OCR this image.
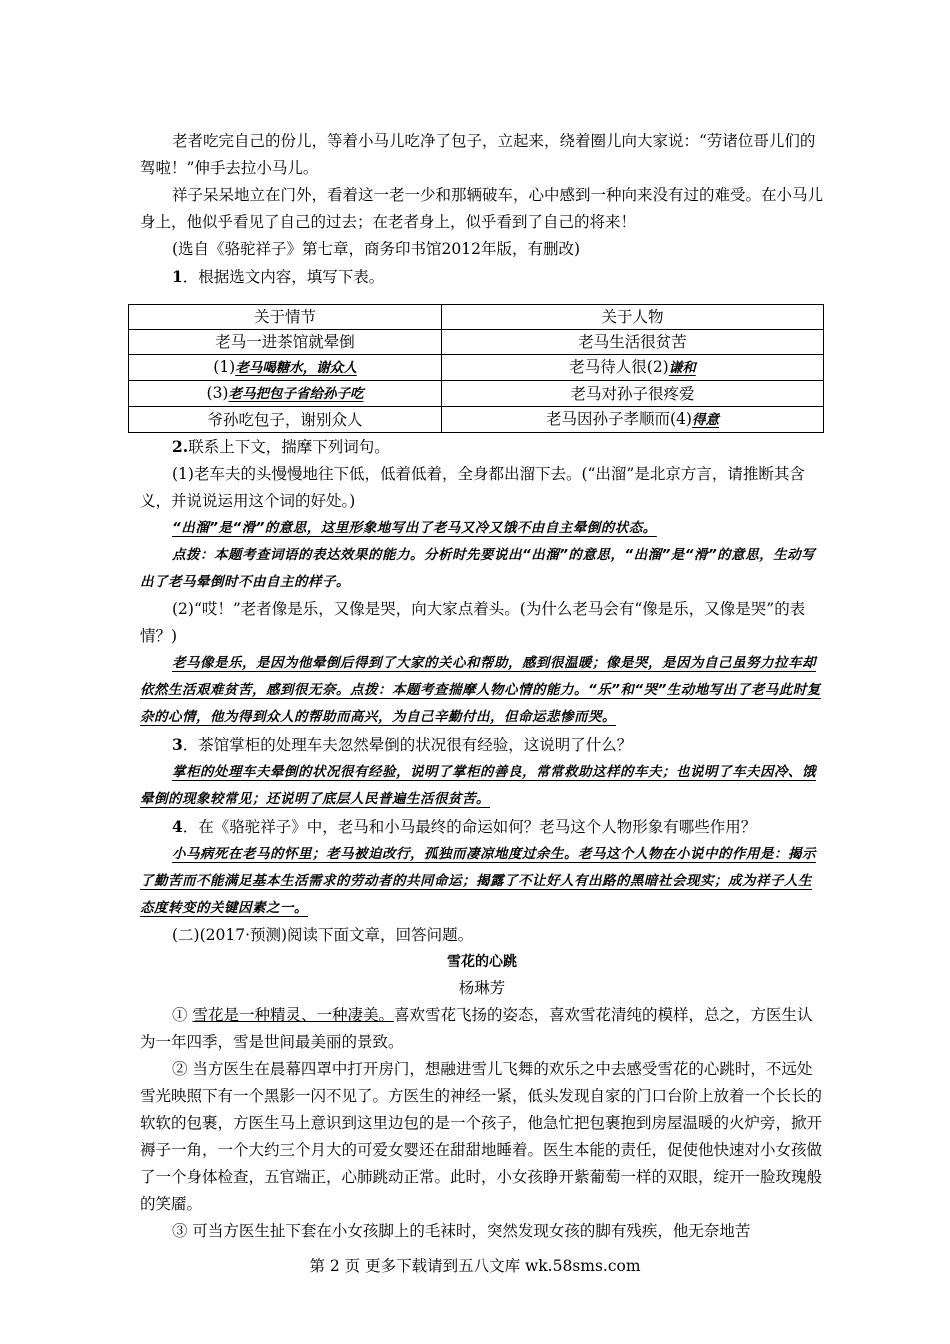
老者吃完自己的份儿，等着小马儿吃净了包子，立起来，绕着圈儿向大家说：“劳诸位哥儿们的驾啦！”伸手去拉小马儿。

祥子呆呆地立在门外，看着这一老一少和那辆破车，心中感到一种向来没有过的难受。在小马儿身上，他似乎看见了自己的过去；在老者身上，似乎看到了自己的将来！

(选自《骆驼祥子》第七章，商务印书馆2012年版，有删改)

1．根据选文内容，填写下表。

关于情节	关于人物
老马一进茶馆就晕倒	老马生活很贫苦
(1)老马喝糖水，谢众人	老马待人很(2)谦和
(3)老马把包子省给孙子吃	老马对孙子很疼爱
爷孙吃包子，谢别众人	老马因孙子孝顺而(4)得意

2.联系上下文，揣摩下列词句。

(1)老车夫的头慢慢地往下低，低着低着，全身都出溜下去。(“出溜”是北京方言，请推断其含义，并说说运用这个词的好处。)

“出溜”是“滑”的意思，这里形象地写出了老马又冷又饿不由自主晕倒的状态。

点拨：本题考查词语的表达效果的能力。分析时先要说出“出溜”的意思，“出溜”是“滑”的意思，生动写出了老马晕倒时不由自主的样子。

(2)“哎！”老者像是乐，又像是哭，向大家点着头。(为什么老马会有“像是乐，又像是哭”的表情？)

老马像是乐，是因为他晕倒后得到了大家的关心和帮助，感到很温暖；像是哭，是因为自己虽努力拉车却依然生活艰难贫苦，感到很无奈。点拨：本题考查揣摩人物心情的能力。“乐”和“哭”生动地写出了老马此时复杂的心情，他为得到众人的帮助而高兴，为自己辛勤付出，但命运悲惨而哭。

3．茶馆掌柜的处理车夫忽然晕倒的状况很有经验，这说明了什么？

掌柜的处理车夫晕倒的状况很有经验，说明了掌柜的善良，常常救助这样的车夫；也说明了车夫因冷、饿晕倒的现象较常见；还说明了底层人民普遍生活很贫苦。

4．在《骆驼祥子》中，老马和小马最终的命运如何？老马这个人物形象有哪些作用？

小马病死在老马的怀里；老马被迫改行，孤独而凄凉地度过余生。老马这个人物在小说中的作用是：揭示了勤苦而不能满足基本生活需求的劳动者的共同命运；揭露了不让好人有出路的黑暗社会现实；成为祥子人生态度转变的关键因素之一。

(二)(2017·预测)阅读下面文章，回答问题。

雪花的心跳

杨琳芳

① 雪花是一种精灵、一种凄美。喜欢雪花飞扬的姿态，喜欢雪花清纯的模样，总之，方医生认为一年四季，雪是世间最美丽的景致。

② 当方医生在晨幕四罩中打开房门，想融进雪儿飞舞的欢乐之中去感受雪花的心跳时，不远处雪光映照下有一个黑影一闪不见了。方医生的神经一紧，低头发现自家的门口台阶上放着一个长长的软软的包裹，方医生马上意识到这里边包的是一个孩子，他急忙把包裹抱到房屋温暖的火炉旁，掀开褥子一角，一个大约三个月大的可爱女婴还在甜甜地睡着。医生本能的责任，促使他快速对小女孩做了一个身体检查，五官端正，心肺跳动正常。此时，小女孩睁开紫葡萄一样的双眼，绽开一脸玫瑰般的笑靥。

③ 可当方医生扯下套在小女孩脚上的毛袜时，突然发现女孩的脚有残疾，他无奈地苦

第 2 页 更多下载请到五八文库 wk.58sms.com
